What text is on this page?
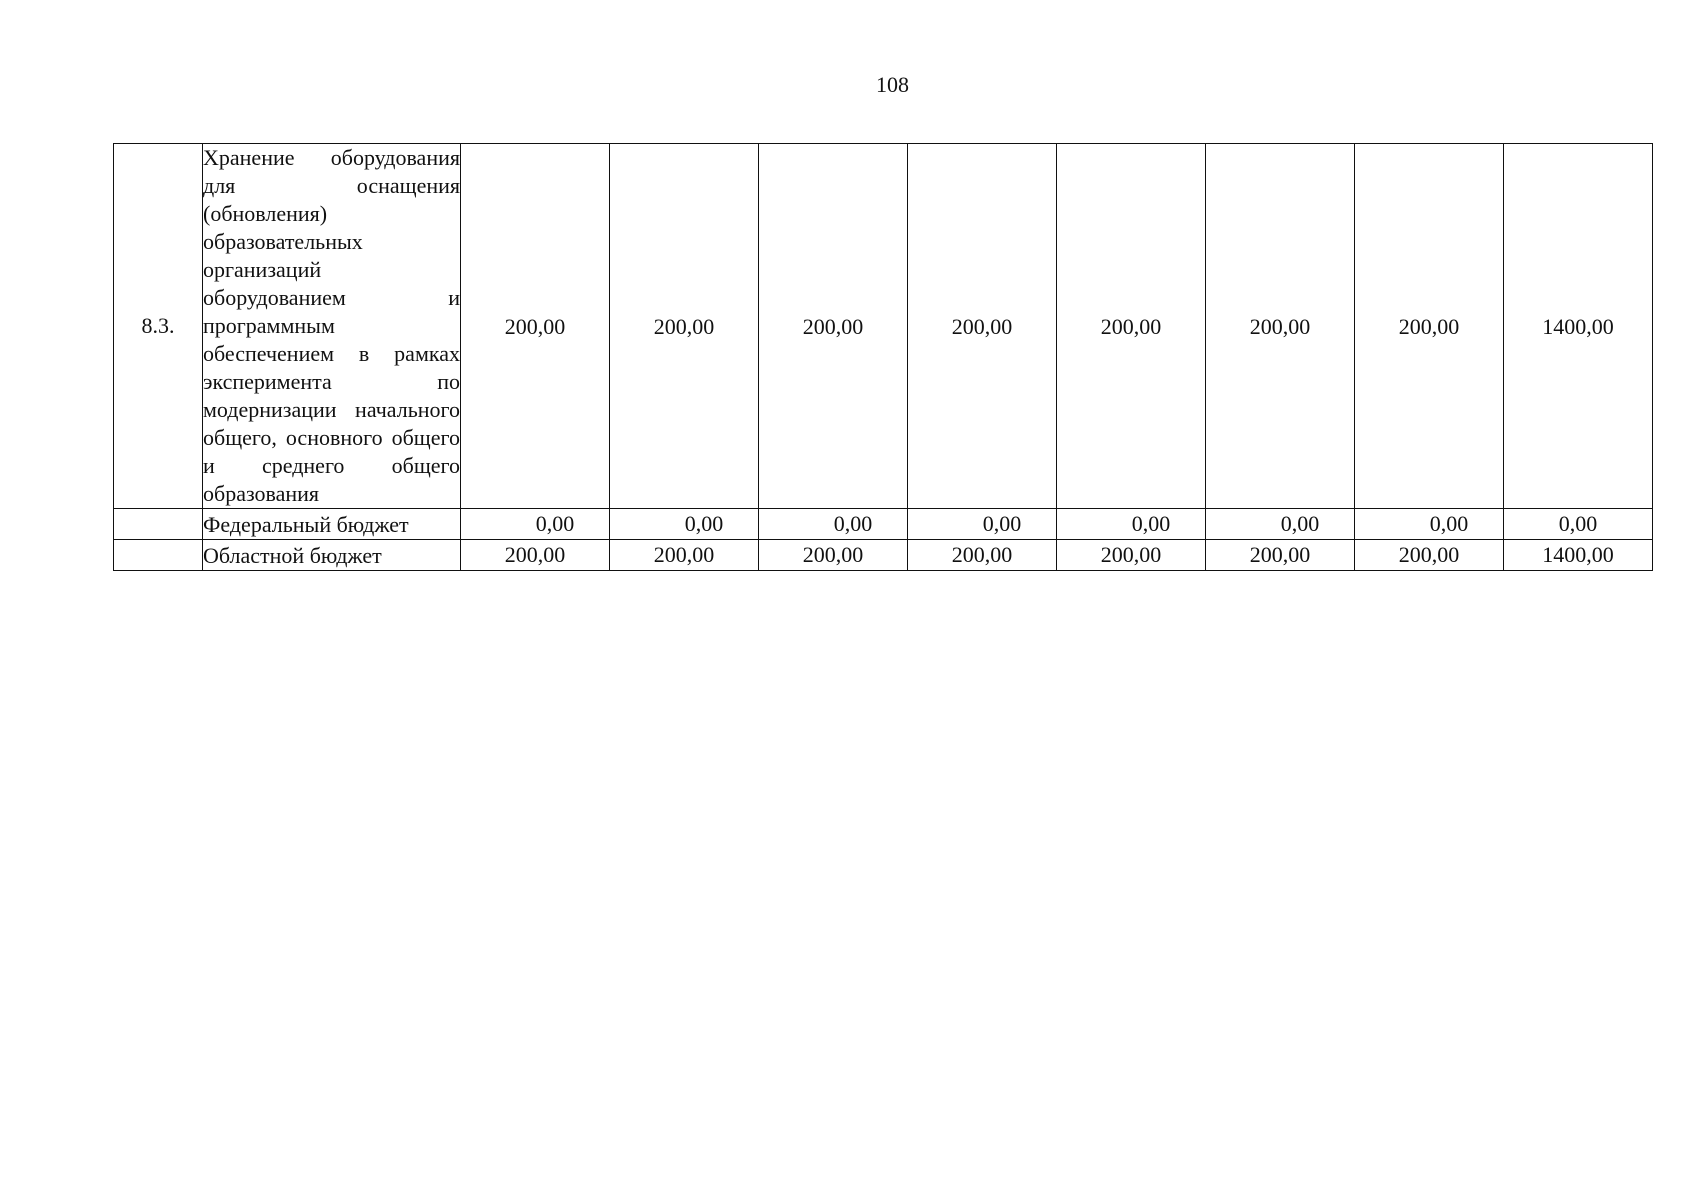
108
8.3.	Хранение оборудования для оснащения (обновления) образовательных организаций оборудованием и программным обеспечением в рамках эксперимента по модернизации начального общего, основного общего и среднего общего образования	200,00	200,00	200,00	200,00	200,00	200,00	200,00	1400,00
	Федеральный бюджет	0,00	0,00	0,00	0,00	0,00	0,00	0,00	0,00
	Областной бюджет	200,00	200,00	200,00	200,00	200,00	200,00	200,00	1400,00
